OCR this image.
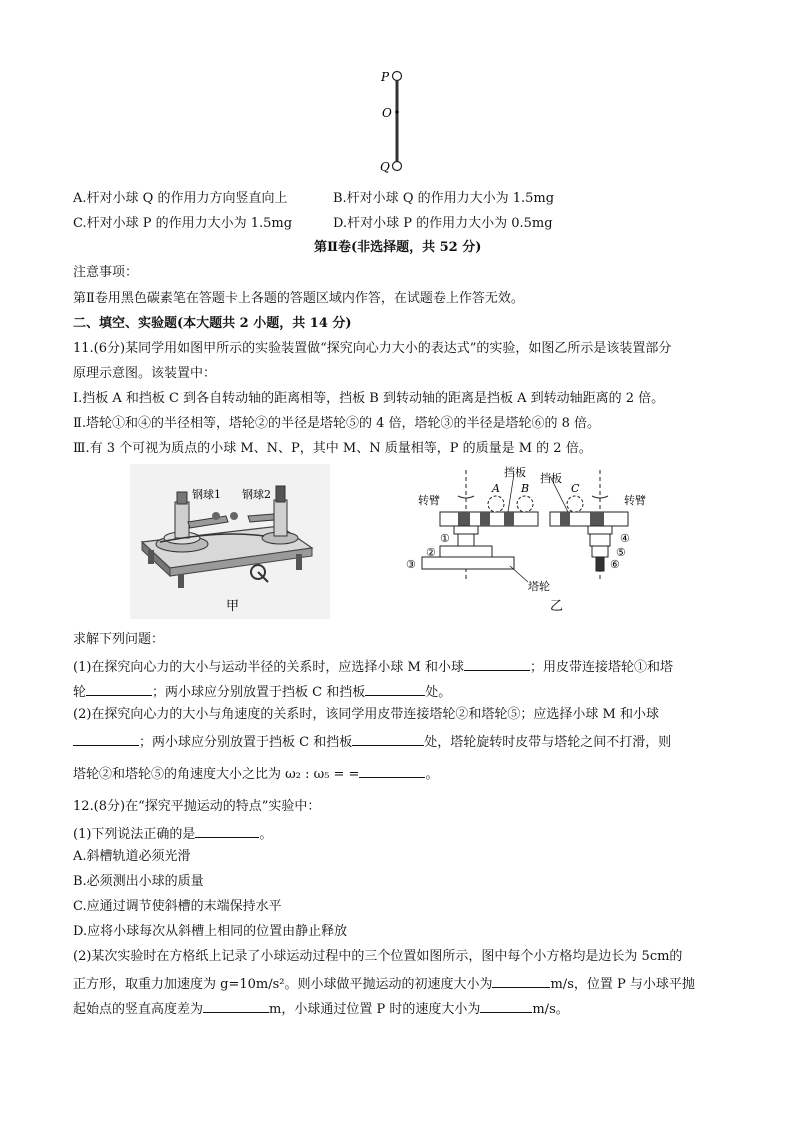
P
O
Q
A.杆对小球 Q 的作用力方向竖直向上	B.杆对小球 Q 的作用力大小为 1.5mg
C.杆对小球 P 的作用力大小为 1.5mg	D.杆对小球 P 的作用力大小为 0.5mg
第Ⅱ卷(非选择题，共 52 分)
注意事项：
第Ⅱ卷用黑色碳素笔在答题卡上各题的答题区域内作答，在试题卷上作答无效。
二、填空、实验题(本大题共 2 小题，共 14 分)
11.(6分)某同学用如图甲所示的实验装置做“探究向心力大小的表达式”的实验，如图乙所示是该装置部分
原理示意图。该装置中：
Ⅰ.挡板 A 和挡板 C 到各自转动轴的距离相等，挡板 B 到转动轴的距离是挡板 A 到转动轴距离的 2 倍。
Ⅱ.塔轮①和④的半径相等，塔轮②的半径是塔轮⑤的 4 倍，塔轮③的半径是塔轮⑥的 8 倍。
Ⅲ.有 3 个可视为质点的小球 M、N、P，其中 M、N 质量相等，P 的质量是 M 的 2 倍。
钢球1 钢球2
甲
挡板 挡板
A B	C
转臂	转臂
①
②
③
④
⑤
⑥
塔轮
乙
求解下列问题：
(1)在探究向心力的大小与运动半径的关系时，应选择小球 M 和小球	；用皮带连接塔轮①和塔
轮	；两小球应分别放置于挡板 C 和挡板	处。
(2)在探究向心力的大小与角速度的关系时，该同学用皮带连接塔轮②和塔轮⑤；应选择小球 M 和小球
；两小球应分别放置于挡板 C 和挡板	处，塔轮旋转时皮带与塔轮之间不打滑，则
塔轮②和塔轮⑤的角速度大小之比为 ω₂ : ω₅ = =	。
12.(8分)在“探究平抛运动的特点”实验中：
(1)下列说法正确的是	。
A.斜槽轨道必须光滑
B.必须测出小球的质量
C.应通过调节使斜槽的末端保持水平
D.应将小球每次从斜槽上相同的位置由静止释放
(2)某次实验时在方格纸上记录了小球运动过程中的三个位置如图所示，图中每个小方格均是边长为 5cm的
正方形，取重力加速度为 g=10m/s²。则小球做平抛运动的初速度大小为	m/s，位置 P 与小球平抛
起始点的竖直高度差为	m，小球通过位置 P 时的速度大小为	m/s。
